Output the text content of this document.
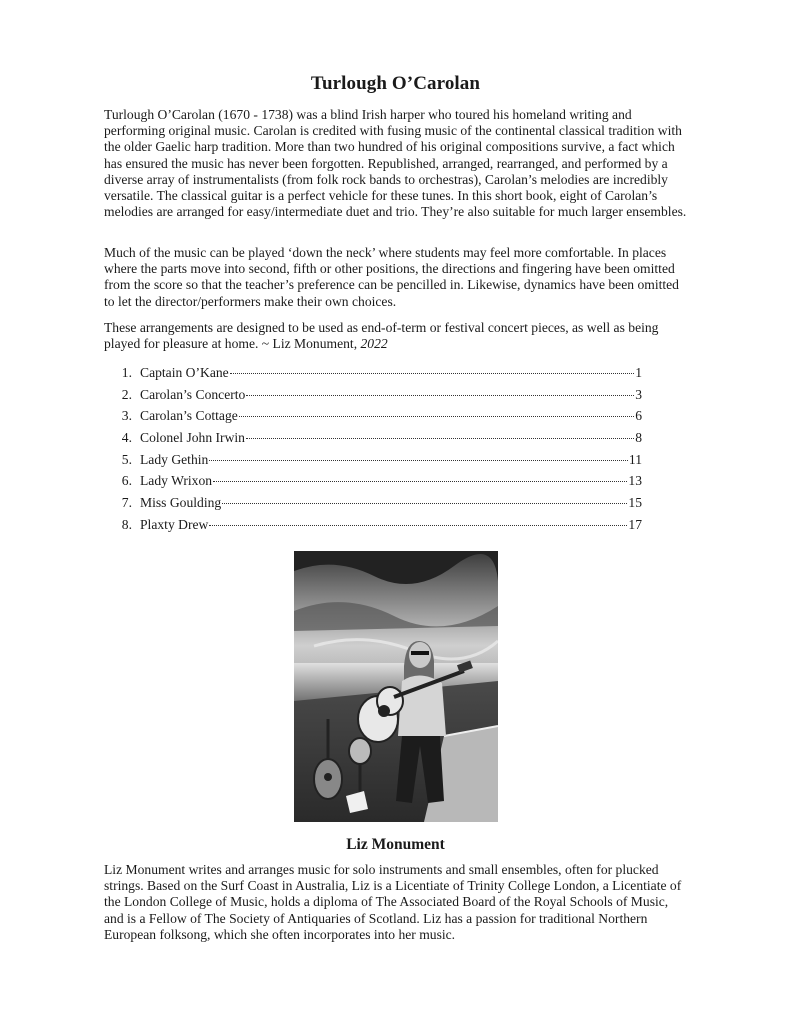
Turlough O’Carolan

Turlough O’Carolan (1670 - 1738) was a blind Irish harper who toured his homeland writing and performing original music. Carolan is credited with fusing music of the continental classical tradition with the older Gaelic harp tradition. More than two hundred of his original compositions survive, a fact which has ensured the music has never been forgotten. Republished, arranged, rearranged, and performed by a diverse array of instrumentalists (from folk rock bands to orchestras), Carolan’s melodies are incredibly versatile. The classical guitar is a perfect vehicle for these tunes. In this short book, eight of Carolan’s melodies are arranged for easy/intermediate duet and trio. They’re also suitable for much larger ensembles.

Much of the music can be played ‘down the neck’ where students may feel more comfortable. In places where the parts move into second, fifth or other positions, the directions and fingering have been omitted from the score so that the teacher’s preference can be pencilled in. Likewise, dynamics have been omitted to let the director/performers make their own choices.

These arrangements are designed to be used as end-of-term or festival concert pieces, as well as being played for pleasure at home. ~ Liz Monument, 2022

1. Captain O’Kane	1
2. Carolan’s Concerto	3
3. Carolan’s Cottage	6
4. Colonel John Irwin	8
5. Lady Gethin	11
6. Lady Wrixon	13
7. Miss Goulding	15
8. Plaxty Drew	17
Liz Monument

Liz Monument writes and arranges music for solo instruments and small ensembles, often for plucked strings. Based on the Surf Coast in Australia, Liz is a Licentiate of Trinity College London, a Licentiate of the London College of Music, holds a diploma of The Associated Board of the Royal Schools of Music, and is a Fellow of The Society of Antiquaries of Scotland. Liz has a passion for traditional Northern European folksong, which she often incorporates into her music.
